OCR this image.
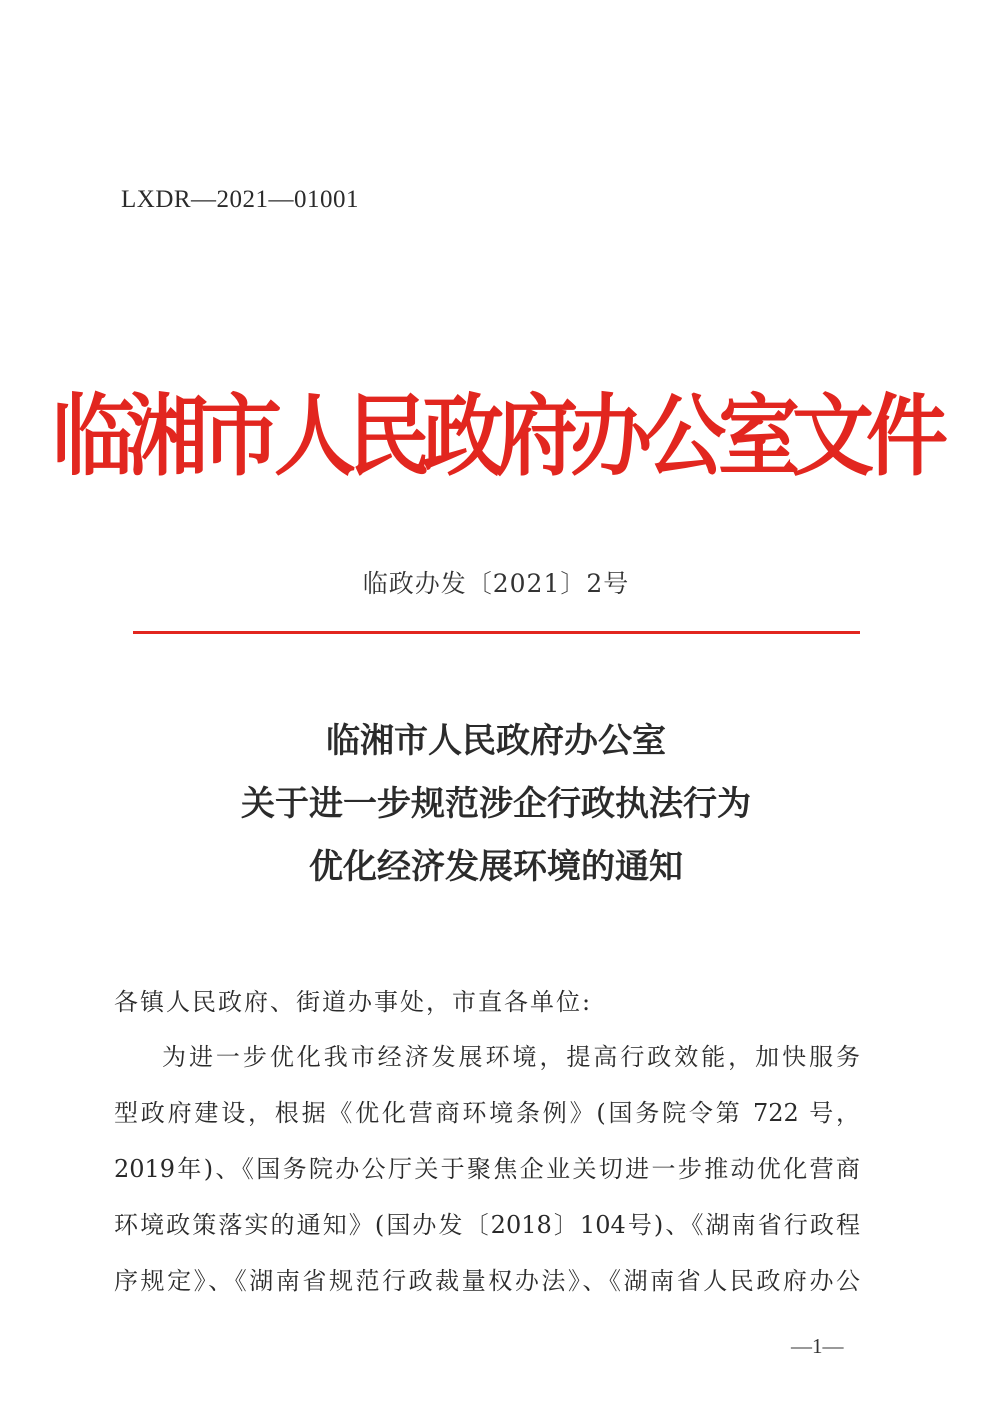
LXDR—2021—01001
临湘市人民政府办公室文件
临政办发〔2021〕2号
临湘市人民政府办公室
关于进一步规范涉企行政执法行为
优化经济发展环境的通知
各镇人民政府、街道办事处，市直各单位:
为进一步优化我市经济发展环境，提高行政效能，加快服务
型政府建设，根据《优化营商环境条例》(国务院令第 722 号，
2019年)、《国务院办公厅关于聚焦企业关切进一步推动优化营商
环境政策落实的通知》(国办发〔2018〕104号)、《湖南省行政程
序规定》、《湖南省规范行政裁量权办法》、《湖南省人民政府办公
—1—
